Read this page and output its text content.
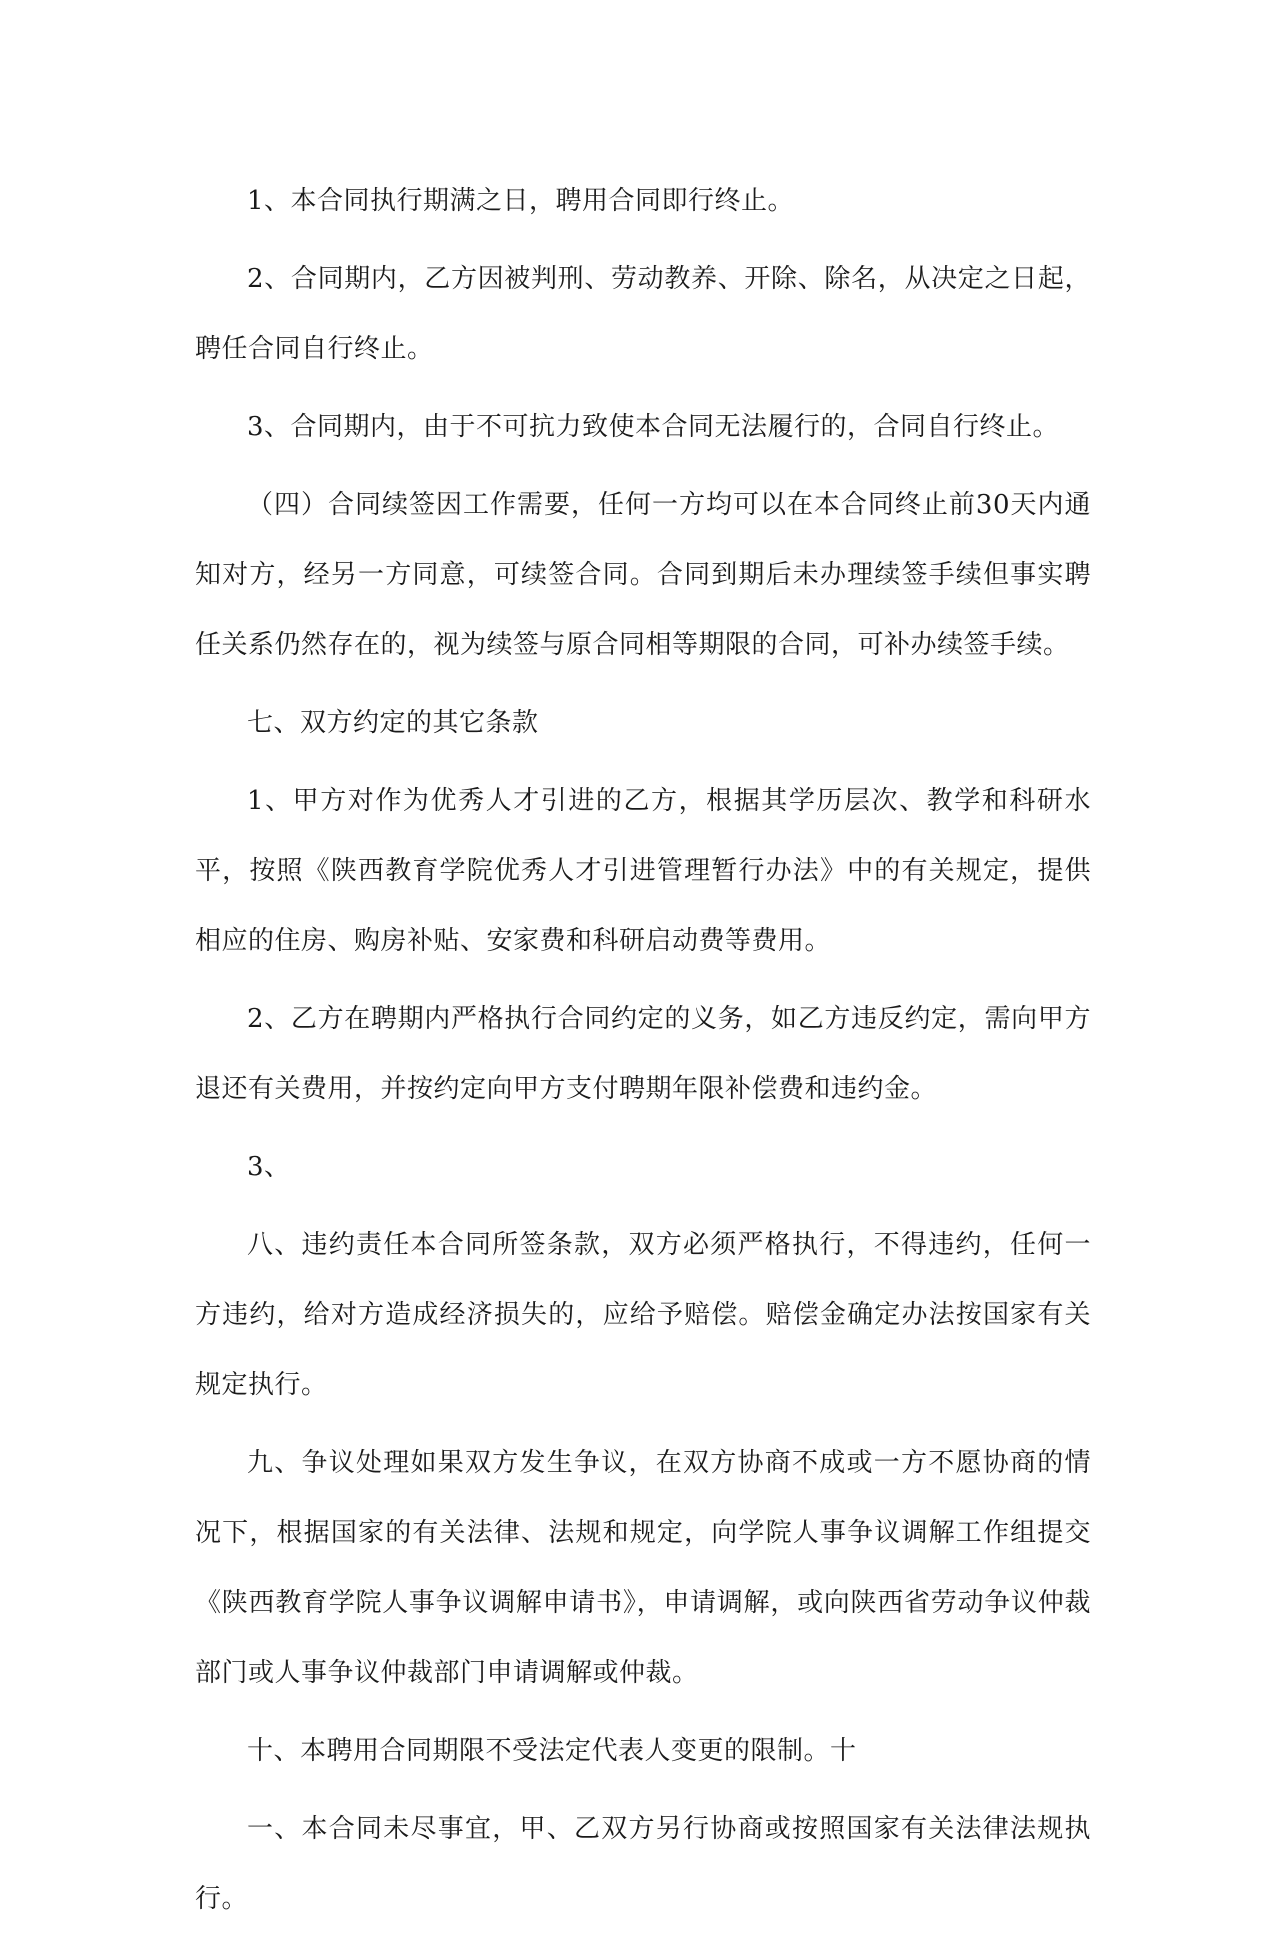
1、本合同执行期满之日，聘用合同即行终止。

2、合同期内，乙方因被判刑、劳动教养、开除、除名，从决定之日起，聘任合同自行终止。

3、合同期内，由于不可抗力致使本合同无法履行的，合同自行终止。

（四）合同续签因工作需要，任何一方均可以在本合同终止前30天内通知对方，经另一方同意，可续签合同。合同到期后未办理续签手续但事实聘任关系仍然存在的，视为续签与原合同相等期限的合同，可补办续签手续。

七、双方约定的其它条款

1、甲方对作为优秀人才引进的乙方，根据其学历层次、教学和科研水平，按照《陕西教育学院优秀人才引进管理暂行办法》中的有关规定，提供相应的住房、购房补贴、安家费和科研启动费等费用。

2、乙方在聘期内严格执行合同约定的义务，如乙方违反约定，需向甲方退还有关费用，并按约定向甲方支付聘期年限补偿费和违约金。

3、

八、违约责任本合同所签条款，双方必须严格执行，不得违约，任何一方违约，给对方造成经济损失的，应给予赔偿。赔偿金确定办法按国家有关规定执行。

九、争议处理如果双方发生争议，在双方协商不成或一方不愿协商的情况下，根据国家的有关法律、法规和规定，向学院人事争议调解工作组提交《陕西教育学院人事争议调解申请书》，申请调解，或向陕西省劳动争议仲裁部门或人事争议仲裁部门申请调解或仲裁。

十、本聘用合同期限不受法定代表人变更的限制。十

一、本合同未尽事宜，甲、乙双方另行协商或按照国家有关法律法规执行。
